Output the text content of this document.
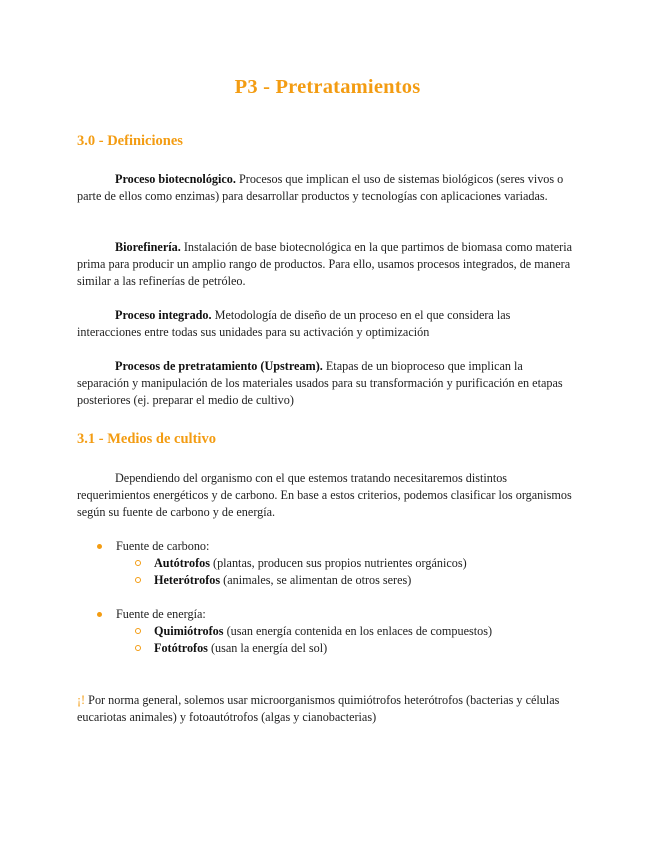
P3 - Pretratamientos
3.0 - Definiciones
Proceso biotecnológico. Procesos que implican el uso de sistemas biológicos (seres vivos o parte de ellos como enzimas) para desarrollar productos y tecnologías con aplicaciones variadas.
Biorefinería. Instalación de base biotecnológica en la que partimos de biomasa como materia prima para producir un amplio rango de productos. Para ello, usamos procesos integrados, de manera similar a las refinerías de petróleo.
Proceso integrado. Metodología de diseño de un proceso en el que considera las interacciones entre todas sus unidades para su activación y optimización
Procesos de pretratamiento (Upstream). Etapas de un bioproceso que implican la separación y manipulación de los materiales usados para su transformación y purificación en etapas posteriores (ej. preparar el medio de cultivo)
3.1 - Medios de cultivo
Dependiendo del organismo con el que estemos tratando necesitaremos distintos requerimientos energéticos y de carbono. En base a estos criterios, podemos clasificar los organismos según su fuente de carbono y de energía.
Fuente de carbono:
Autótrofos (plantas, producen sus propios nutrientes orgánicos)
Heterótrofos (animales, se alimentan de otros seres)
Fuente de energía:
Quimiótrofos (usan energía contenida en los enlaces de compuestos)
Fotótrofos (usan la energía del sol)
¡! Por norma general, solemos usar microorganismos quimiótrofos heterótrofos (bacterias y células eucariotas animales) y fotoautótrofos (algas y cianobacterias)
